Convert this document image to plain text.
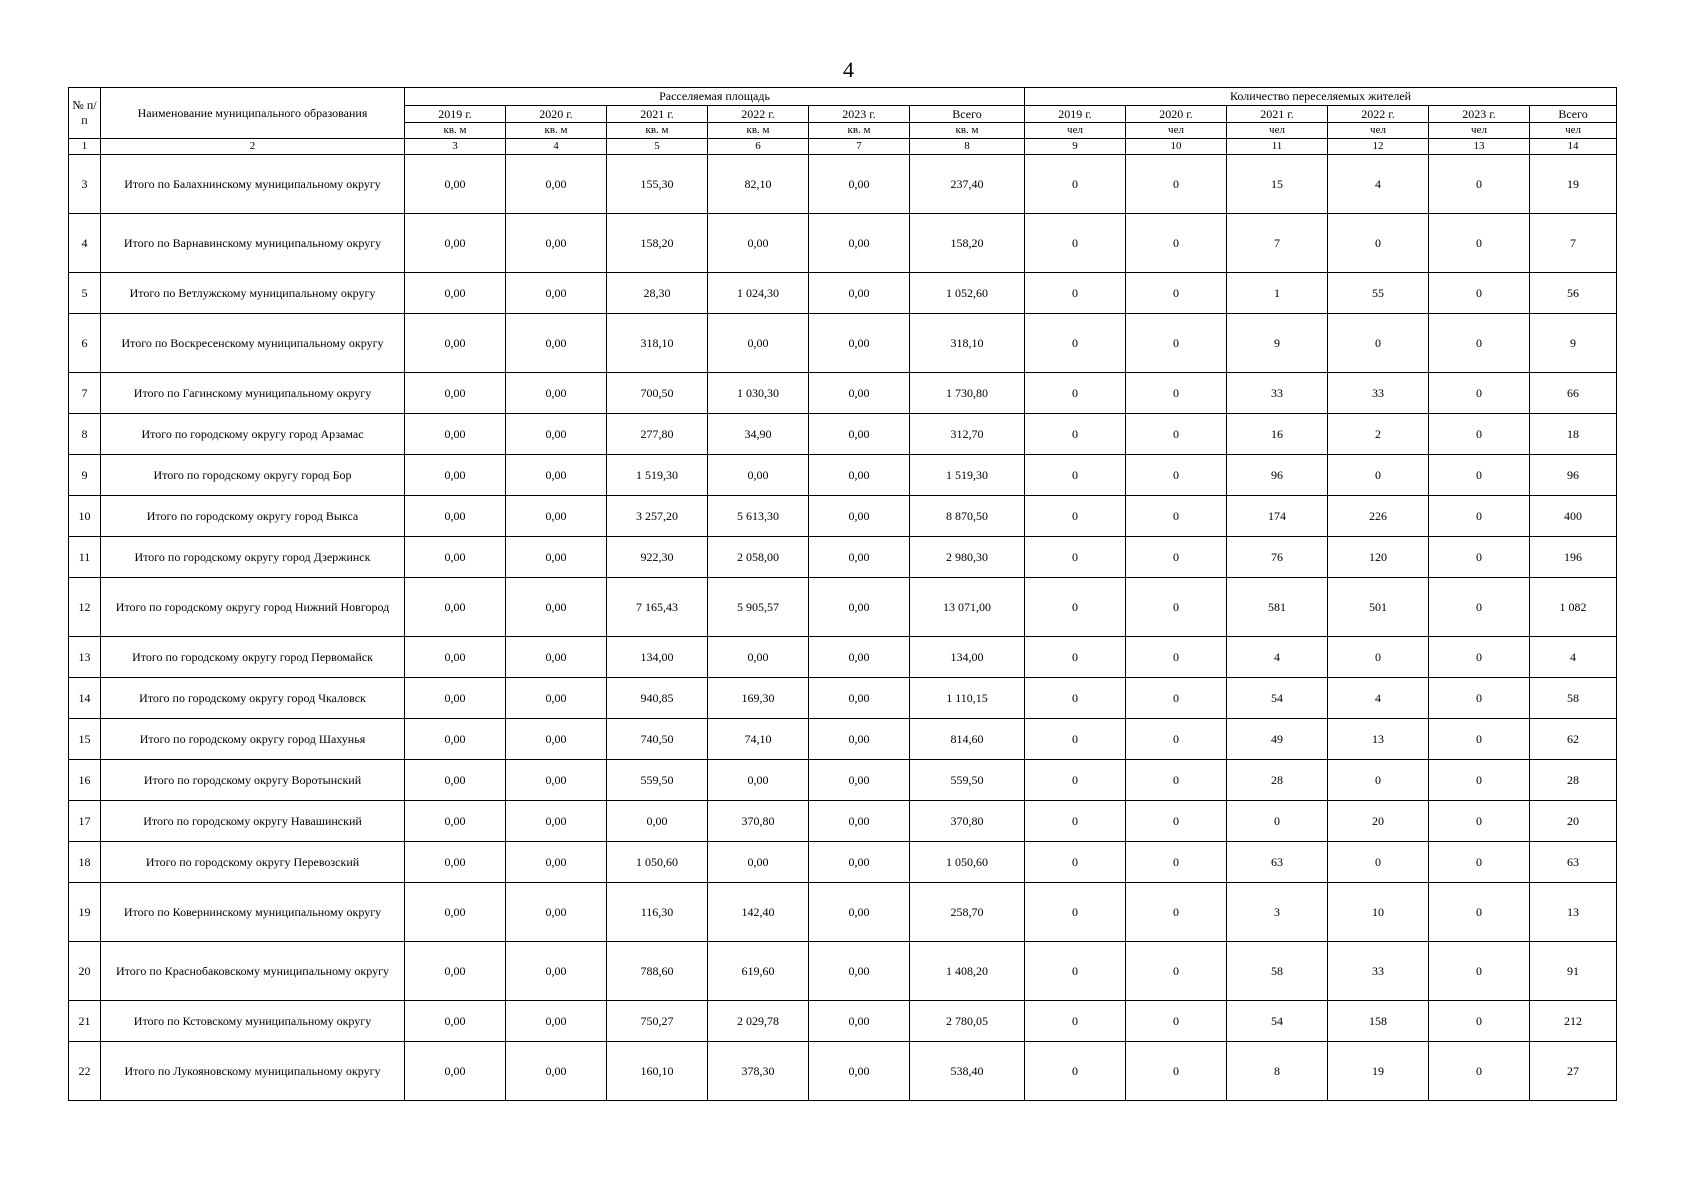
4
№ п/п	Наименование муниципального образования	Расселяемая площадь						Количество переселяемых жителей					
		2019 г.	2020 г.	2021 г.	2022 г.	2023 г.	Всего	2019 г.	2020 г.	2021 г.	2022 г.	2023 г.	Всего
		кв. м	кв. м	кв. м	кв. м	кв. м	кв. м	чел	чел	чел	чел	чел	чел
1	2	3	4	5	6	7	8	9	10	11	12	13	14
3	Итого по Балахнинскому муниципальному округу	0,00	0,00	155,30	82,10	0,00	237,40	0	0	15	4	0	19
4	Итого по Варнавинскому муниципальному округу	0,00	0,00	158,20	0,00	0,00	158,20	0	0	7	0	0	7
5	Итого по Ветлужскому муниципальному округу	0,00	0,00	28,30	1 024,30	0,00	1 052,60	0	0	1	55	0	56
6	Итого по Воскресенскому муниципальному округу	0,00	0,00	318,10	0,00	0,00	318,10	0	0	9	0	0	9
7	Итого по Гагинскому муниципальному округу	0,00	0,00	700,50	1 030,30	0,00	1 730,80	0	0	33	33	0	66
8	Итого по городскому округу город Арзамас	0,00	0,00	277,80	34,90	0,00	312,70	0	0	16	2	0	18
9	Итого по городскому округу город Бор	0,00	0,00	1 519,30	0,00	0,00	1 519,30	0	0	96	0	0	96
10	Итого по городскому округу город Выкса	0,00	0,00	3 257,20	5 613,30	0,00	8 870,50	0	0	174	226	0	400
11	Итого по городскому округу город Дзержинск	0,00	0,00	922,30	2 058,00	0,00	2 980,30	0	0	76	120	0	196
12	Итого по городскому округу город Нижний Новгород	0,00	0,00	7 165,43	5 905,57	0,00	13 071,00	0	0	581	501	0	1 082
13	Итого по городскому округу город Первомайск	0,00	0,00	134,00	0,00	0,00	134,00	0	0	4	0	0	4
14	Итого по городскому округу город Чкаловск	0,00	0,00	940,85	169,30	0,00	1 110,15	0	0	54	4	0	58
15	Итого по городскому округу город Шахунья	0,00	0,00	740,50	74,10	0,00	814,60	0	0	49	13	0	62
16	Итого по городскому округу Воротынский	0,00	0,00	559,50	0,00	0,00	559,50	0	0	28	0	0	28
17	Итого по городскому округу Навашинский	0,00	0,00	0,00	370,80	0,00	370,80	0	0	0	20	0	20
18	Итого по городскому округу Перевозский	0,00	0,00	1 050,60	0,00	0,00	1 050,60	0	0	63	0	0	63
19	Итого по Ковернинскому муниципальному округу	0,00	0,00	116,30	142,40	0,00	258,70	0	0	3	10	0	13
20	Итого по Краснобаковскому муниципальному округу	0,00	0,00	788,60	619,60	0,00	1 408,20	0	0	58	33	0	91
21	Итого по Кстовскому муниципальному округу	0,00	0,00	750,27	2 029,78	0,00	2 780,05	0	0	54	158	0	212
22	Итого по Лукояновскому муниципальному округу	0,00	0,00	160,10	378,30	0,00	538,40	0	0	8	19	0	27
